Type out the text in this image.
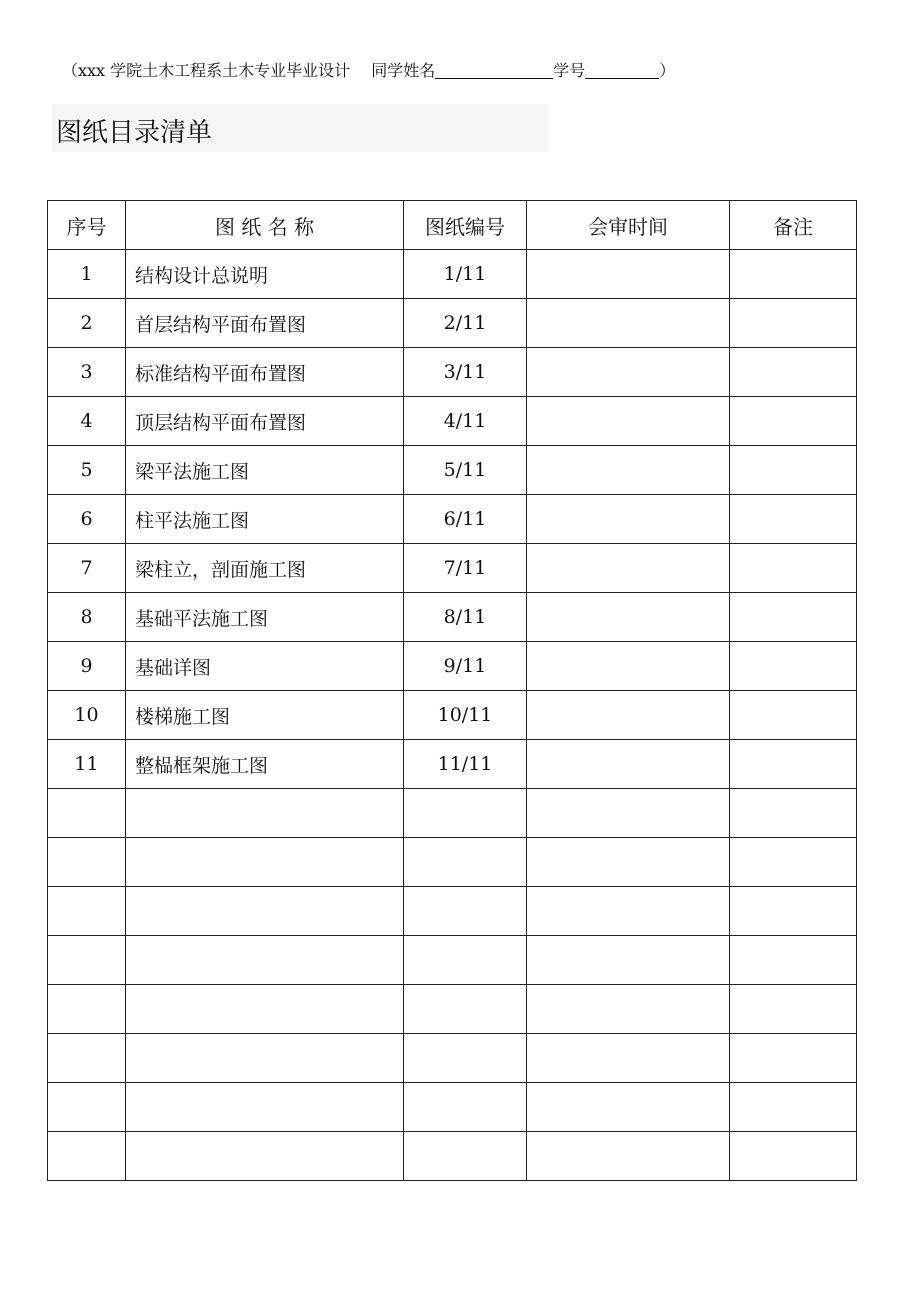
（xxx 学院土木工程系土木专业毕业设计　 同学姓名	学号	）
图纸目录清单
序号	图 纸 名 称	图纸编号	会审时间	备注
1	结构设计总说明	1/11		
2	首层结构平面布置图	2/11		
3	标准结构平面布置图	3/11		
4	顶层结构平面布置图	4/11		
5	梁平法施工图	5/11		
6	柱平法施工图	6/11		
7	梁柱立，剖面施工图	7/11		
8	基础平法施工图	8/11		
9	基础详图	9/11		
10	楼梯施工图	10/11		
11	整榀框架施工图	11/11		
